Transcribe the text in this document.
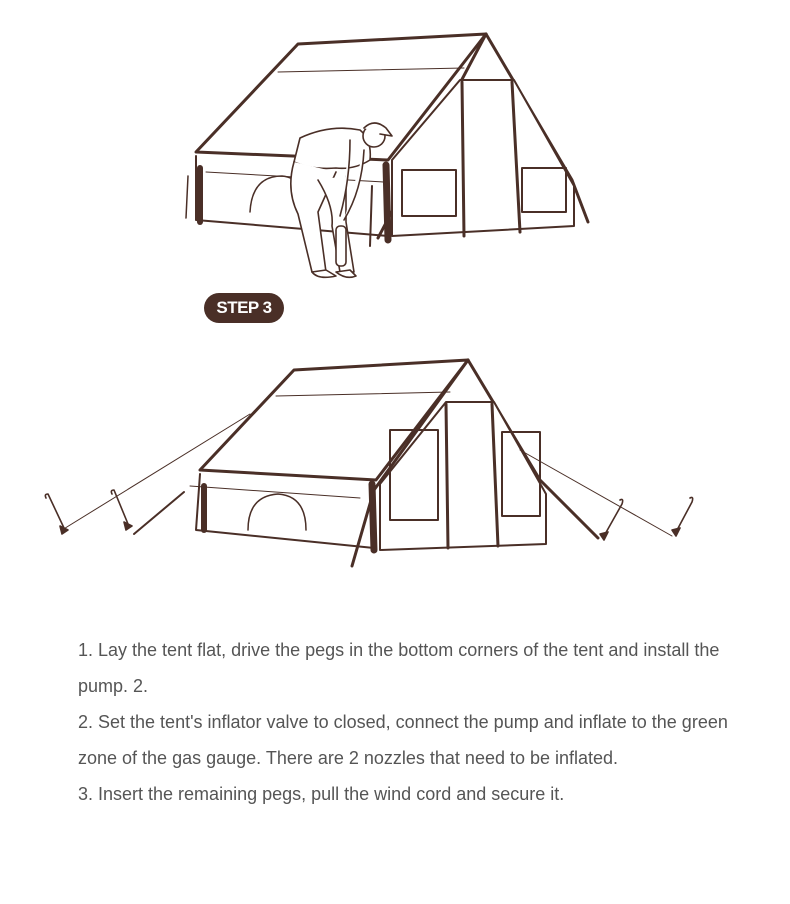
STEP 3
1. Lay the tent flat, drive the pegs in the bottom corners of the tent and install the pump. 2.
2. Set the tent's inflator valve to closed, connect the pump and inflate to the green zone of the gas gauge. There are 2 nozzles that need to be inflated.
3. Insert the remaining pegs, pull the wind cord and secure it.
